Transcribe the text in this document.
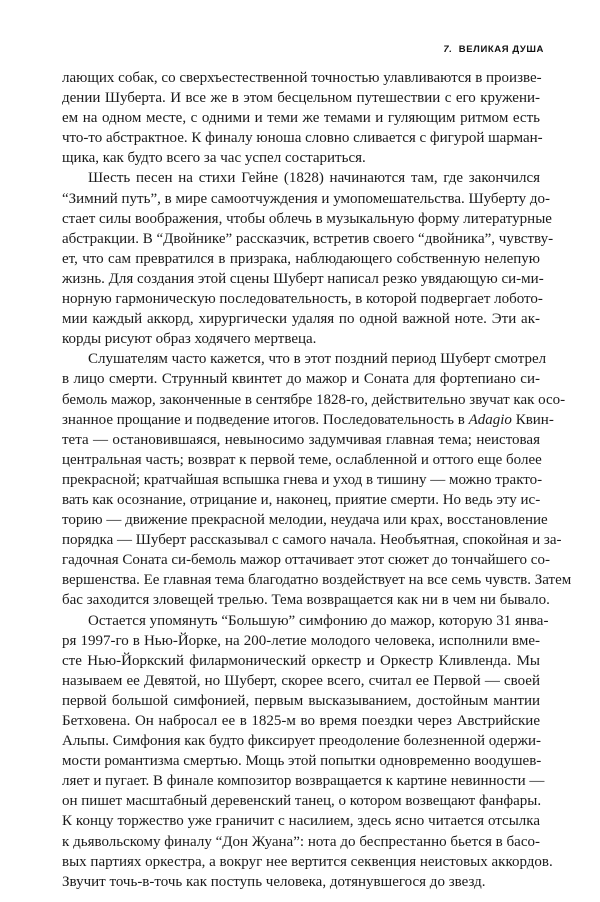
7. ВЕЛИКАЯ ДУША
лающих собак, со сверхъестественной точностью улавливаются в произве-
дении Шуберта. И все же в этом бесцельном путешествии с его кружени-
ем на одном месте, с одними и теми же темами и гуляющим ритмом есть
что-то абстрактное. К финалу юноша словно сливается с фигурой шарман-
щика, как будто всего за час успел состариться.
Шесть песен на стихи Гейне (1828) начинаются там, где закончился
“Зимний путь”, в мире самоотчуждения и умопомешательства. Шуберту до-
стает силы воображения, чтобы облечь в музыкальную форму литературные
абстракции. В “Двойнике” рассказчик, встретив своего “двойника”, чувству-
ет, что сам превратился в призрака, наблюдающего собственную нелепую
жизнь. Для создания этой сцены Шуберт написал резко увядающую си-ми-
норную гармоническую последовательность, в которой подвергает лобото-
мии каждый аккорд, хирургически удаляя по одной важной ноте. Эти ак-
корды рисуют образ ходячего мертвеца.
Слушателям часто кажется, что в этот поздний период Шуберт смотрел
в лицо смерти. Струнный квинтет до мажор и Соната для фортепиано си-
бемоль мажор, законченные в сентябре 1828-го, действительно звучат как осо-
знанное прощание и подведение итогов. Последовательность в Adagio Квин-
тета — остановившаяся, невыносимо задумчивая главная тема; неистовая
центральная часть; возврат к первой теме, ослабленной и оттого еще более
прекрасной; кратчайшая вспышка гнева и уход в тишину — можно тракто-
вать как осознание, отрицание и, наконец, приятие смерти. Но ведь эту ис-
торию — движение прекрасной мелодии, неудача или крах, восстановление
порядка — Шуберт рассказывал с самого начала. Необъятная, спокойная и за-
гадочная Соната си-бемоль мажор оттачивает этот сюжет до тончайшего со-
вершенства. Ее главная тема благодатно воздействует на все семь чувств. Затем
бас заходится зловещей трелью. Тема возвращается как ни в чем ни бывало.
Остается упомянуть “Большую” симфонию до мажор, которую 31 янва-
ря 1997-го в Нью-Йорке, на 200-летие молодого человека, исполнили вме-
сте Нью-Йоркский филармонический оркестр и Оркестр Кливленда. Мы
называем ее Девятой, но Шуберт, скорее всего, считал ее Первой — своей
первой большой симфонией, первым высказыванием, достойным мантии
Бетховена. Он набросал ее в 1825-м во время поездки через Австрийские
Альпы. Симфония как будто фиксирует преодоление болезненной одержи-
мости романтизма смертью. Мощь этой попытки одновременно воодушев-
ляет и пугает. В финале композитор возвращается к картине невинности —
он пишет масштабный деревенский танец, о котором возвещают фанфары.
К концу торжество уже граничит с насилием, здесь ясно читается отсылка
к дьявольскому финалу “Дон Жуана”: нота до беспрестанно бьется в басо-
вых партиях оркестра, а вокруг нее вертится секвенция неистовых аккордов.
Звучит точь-в-точь как поступь человека, дотянувшегося до звезд.
